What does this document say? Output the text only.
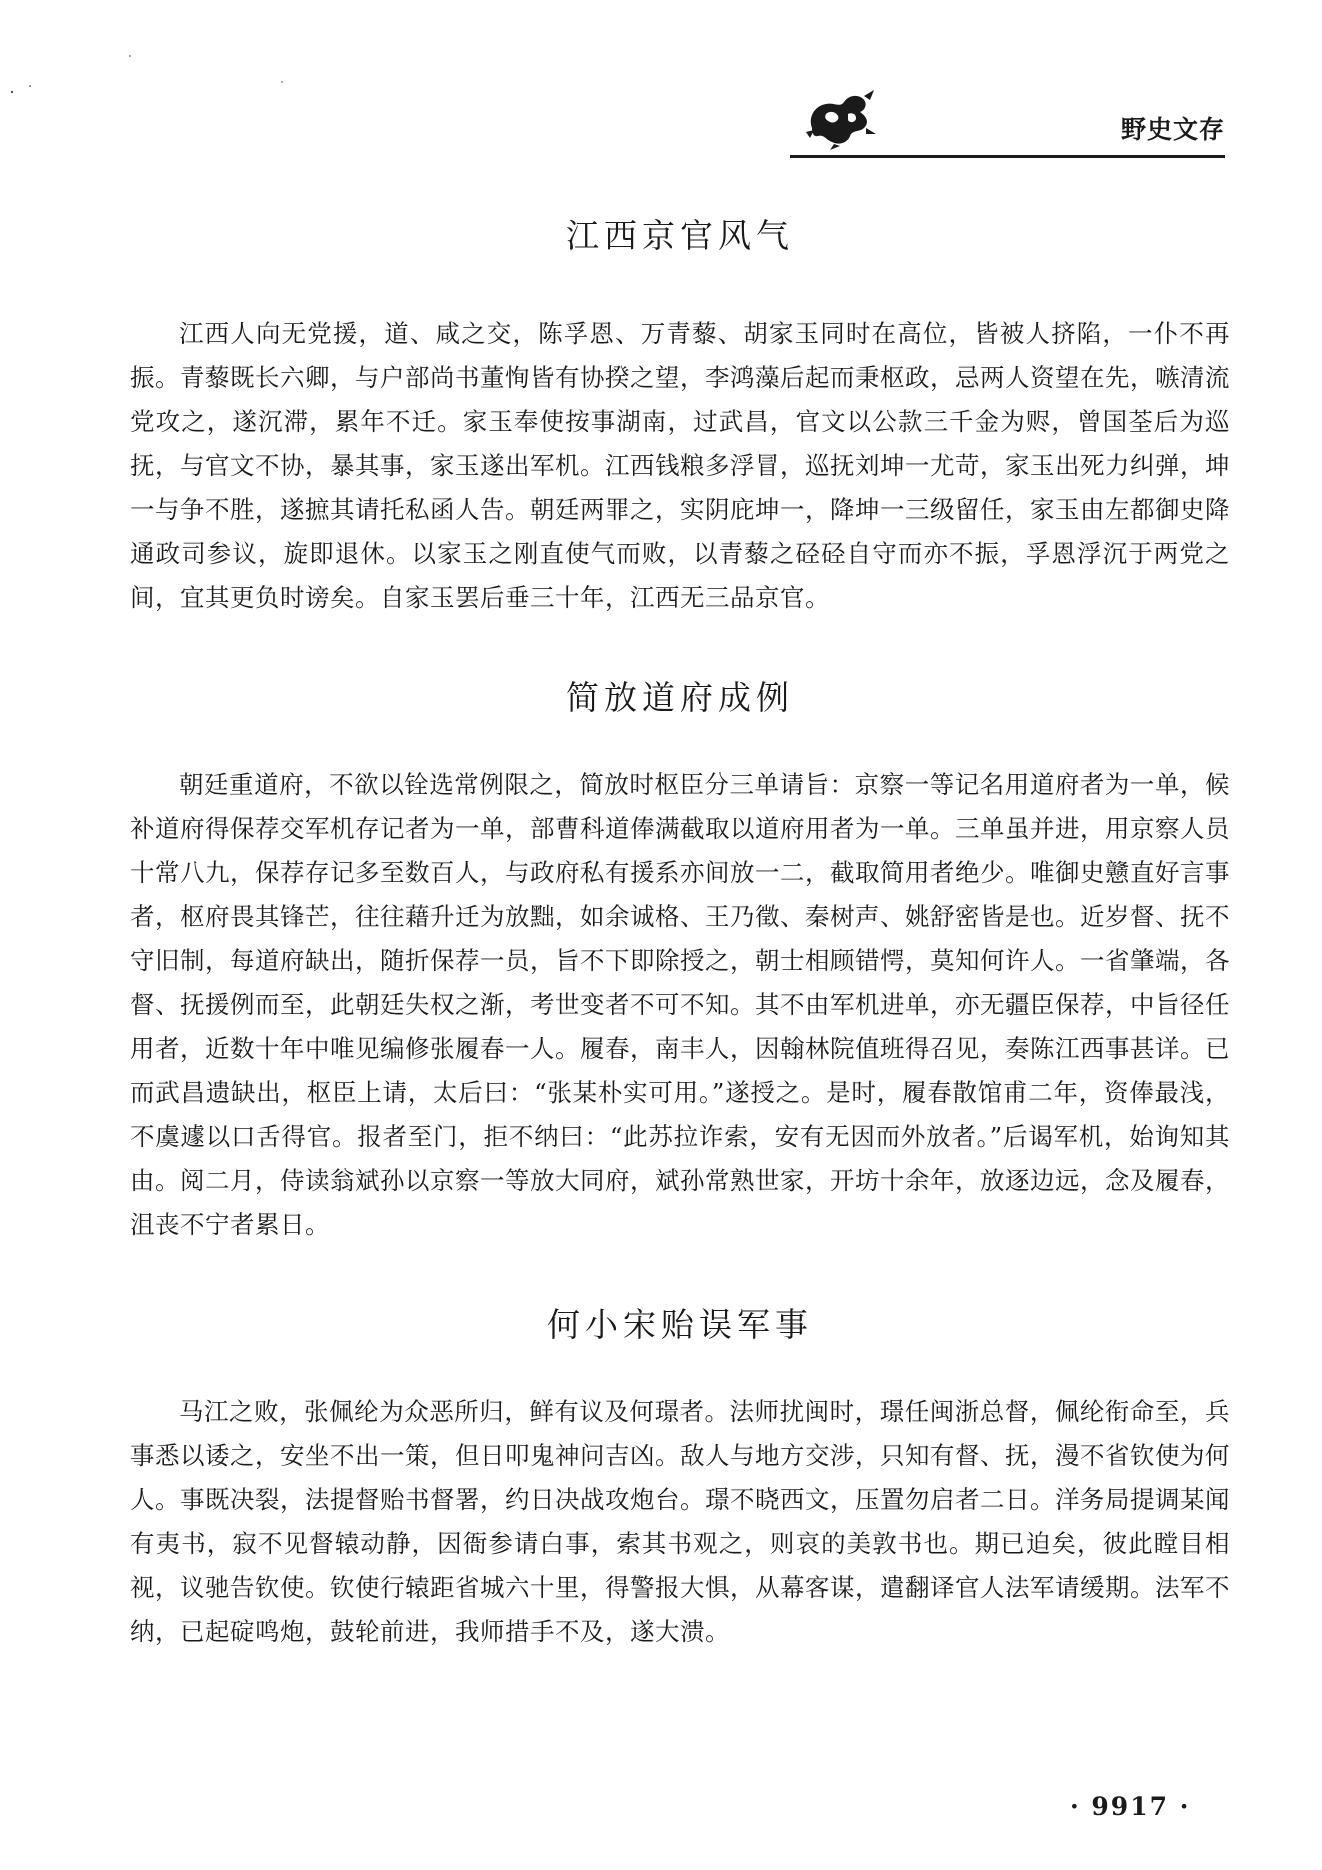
野史文存
江西京官风气

江西人向无党援，道、咸之交，陈孚恩、万青藜、胡家玉同时在高位，皆被人挤陷，一仆不再振。青藜既长六卿，与户部尚书董恂皆有协揆之望，李鸿藻后起而秉枢政，忌两人资望在先，嗾清流党攻之，遂沉滞，累年不迁。家玉奉使按事湖南，过武昌，官文以公款三千金为赆，曾国荃后为巡抚，与官文不协，暴其事，家玉遂出军机。江西钱粮多浮冒，巡抚刘坤一尤苛，家玉出死力纠弹，坤一与争不胜，遂摭其请托私函人告。朝廷两罪之，实阴庇坤一，降坤一三级留任，家玉由左都御史降通政司参议，旋即退休。以家玉之刚直使气而败，以青藜之硁硁自守而亦不振，孚恩浮沉于两党之间，宜其更负时谤矣。自家玉罢后垂三十年，江西无三品京官。

简放道府成例

朝廷重道府，不欲以铨选常例限之，简放时枢臣分三单请旨：京察一等记名用道府者为一单，候补道府得保荐交军机存记者为一单，部曹科道俸满截取以道府用者为一单。三单虽并进，用京察人员十常八九，保荐存记多至数百人，与政府私有援系亦间放一二，截取简用者绝少。唯御史戆直好言事者，枢府畏其锋芒，往往藉升迁为放黜，如余诚格、王乃徵、秦树声、姚舒密皆是也。近岁督、抚不守旧制，每道府缺出，随折保荐一员，旨不下即除授之，朝士相顾错愕，莫知何许人。一省肇端，各督、抚援例而至，此朝廷失权之渐，考世变者不可不知。其不由军机进单，亦无疆臣保荐，中旨径任用者，近数十年中唯见编修张履春一人。履春，南丰人，因翰林院值班得召见，奏陈江西事甚详。已而武昌遗缺出，枢臣上请，太后曰：“张某朴实可用。”遂授之。是时，履春散馆甫二年，资俸最浅，不虞遽以口舌得官。报者至门，拒不纳曰：“此苏拉诈索，安有无因而外放者。”后谒军机，始询知其由。阅二月，侍读翁斌孙以京察一等放大同府，斌孙常熟世家，开坊十余年，放逐边远，念及履春，沮丧不宁者累日。

何小宋贻误军事

马江之败，张佩纶为众恶所归，鲜有议及何璟者。法师扰闽时，璟任闽浙总督，佩纶衔命至，兵事悉以诿之，安坐不出一策，但日叩鬼神问吉凶。敌人与地方交涉，只知有督、抚，漫不省钦使为何人。事既决裂，法提督贻书督署，约日决战攻炮台。璟不晓西文，压置勿启者二日。洋务局提调某闻有夷书，寂不见督辕动静，因衙参请白事，索其书观之，则哀的美敦书也。期已迫矣，彼此瞠目相视，议驰告钦使。钦使行辕距省城六十里，得警报大惧，从幕客谋，遣翻译官人法军请缓期。法军不纳，已起碇鸣炮，鼓轮前进，我师措手不及，遂大溃。

· 9917 ·
